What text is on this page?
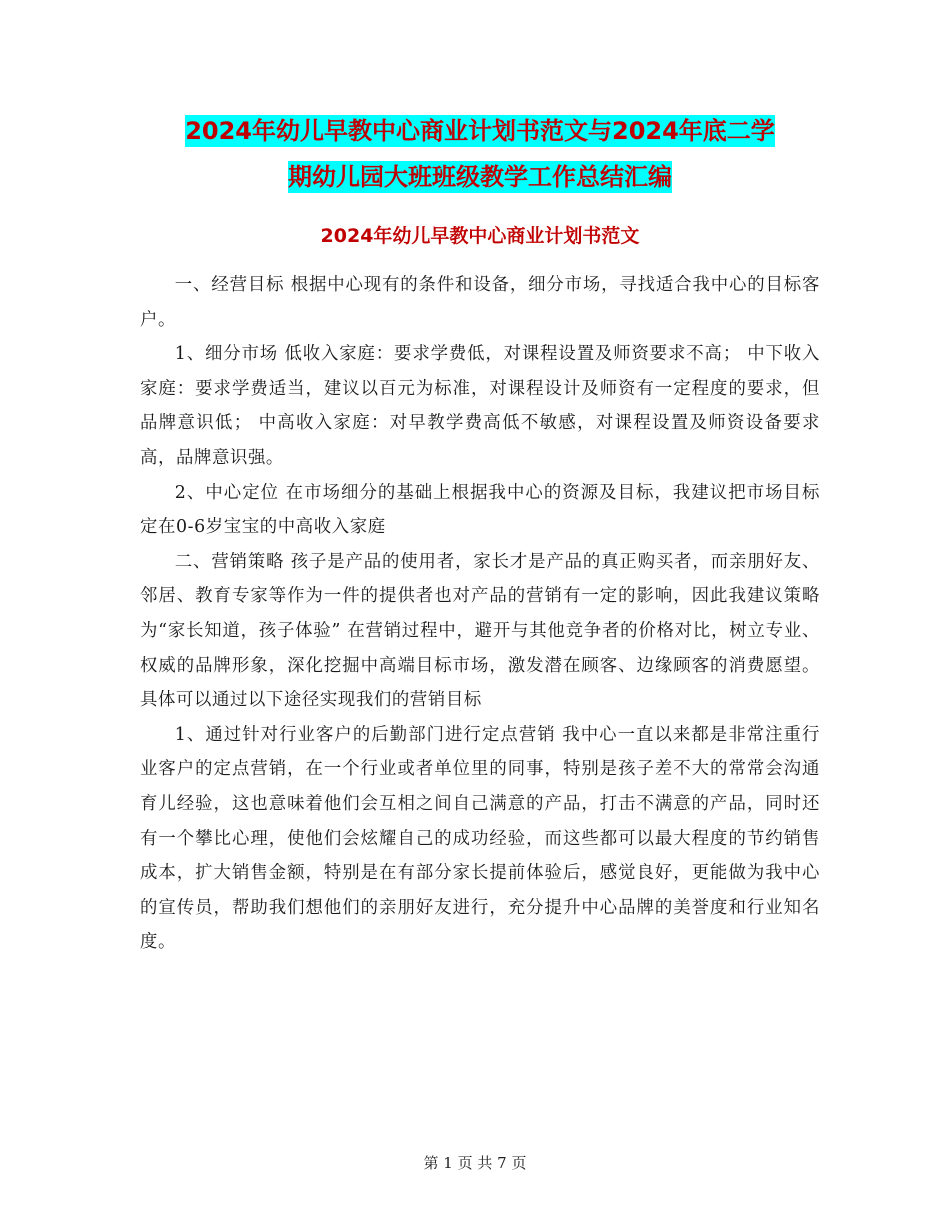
2024年幼儿早教中心商业计划书范文与2024年底二学
期幼儿园大班班级教学工作总结汇编
2024年幼儿早教中心商业计划书范文

一、经营目标 根据中心现有的条件和设备，细分市场，寻找适合我中心的目标客户。

1、细分市场 低收入家庭：要求学费低，对课程设置及师资要求不高； 中下收入家庭：要求学费适当，建议以百元为标准，对课程设计及师资有一定程度的要求，但品牌意识低； 中高收入家庭：对早教学费高低不敏感，对课程设置及师资设备要求高，品牌意识强。

2、中心定位 在市场细分的基础上根据我中心的资源及目标，我建议把市场目标定在0-6岁宝宝的中高收入家庭

二、营销策略 孩子是产品的使用者，家长才是产品的真正购买者，而亲朋好友、邻居、教育专家等作为一件的提供者也对产品的营销有一定的影响，因此我建议策略为“家长知道，孩子体验” 在营销过程中，避开与其他竞争者的价格对比，树立专业、权威的品牌形象，深化挖掘中高端目标市场，激发潜在顾客、边缘顾客的消费愿望。 具体可以通过以下途径实现我们的营销目标

1、通过针对行业客户的后勤部门进行定点营销 我中心一直以来都是非常注重行业客户的定点营销，在一个行业或者单位里的同事，特别是孩子差不大的常常会沟通育儿经验，这也意味着他们会互相之间自己满意的产品，打击不满意的产品，同时还有一个攀比心理，使他们会炫耀自己的成功经验，而这些都可以最大程度的节约销售成本，扩大销售金额，特别是在有部分家长提前体验后，感觉良好，更能做为我中心的宣传员，帮助我们想他们的亲朋好友进行，充分提升中心品牌的美誉度和行业知名度。

第 1 页 共 7 页
